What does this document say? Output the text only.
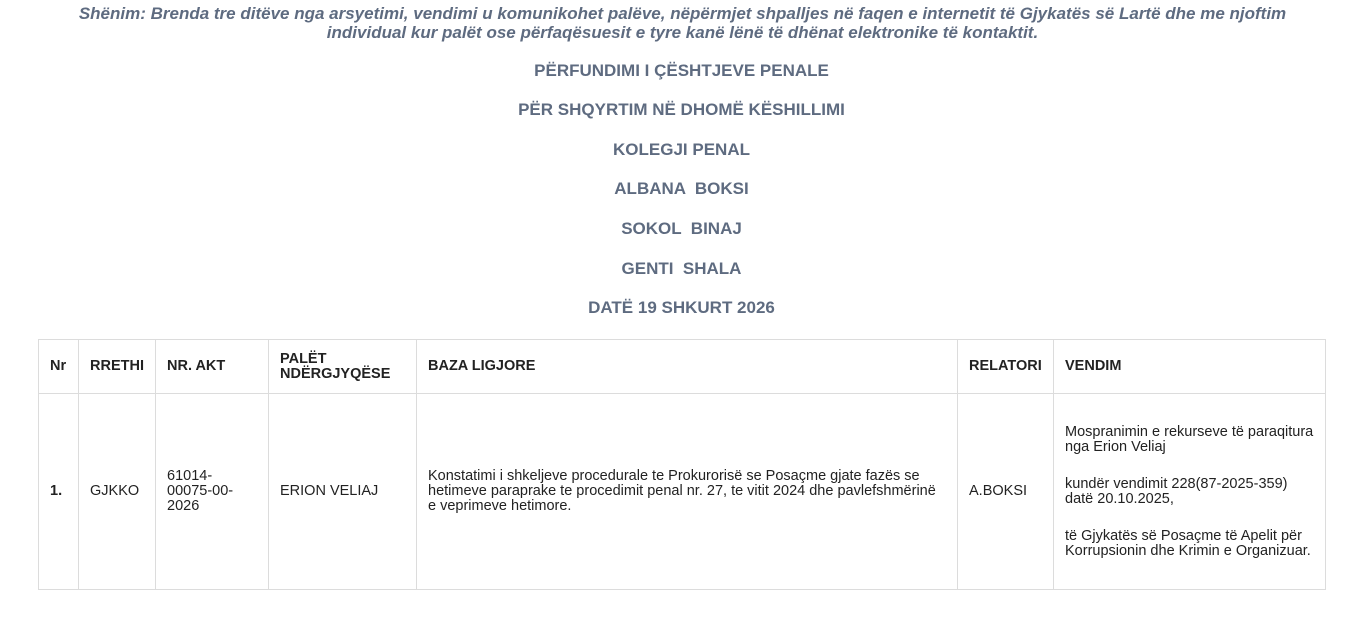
Shënim: Brenda tre ditëve nga arsyetimi, vendimi u komunikohet palëve, nëpërmjet shpalljes në faqen e internetit të Gjykatës së Lartë dhe me njoftim individual kur palët ose përfaqësuesit e tyre kanë lënë të dhënat elektronike të kontaktit.
PËRFUNDIMI I ÇËSHTJEVE PENALE
PËR SHQYRTIM NË DHOMË KËSHILLIMI
KOLEGJI PENAL
ALBANA  BOKSI
SOKOL  BINAJ
GENTI  SHALA
DATË 19 SHKURT 2026
Nr	RRETHI	NR. AKT	PALËT NDËRGJYQËSE	BAZA LIGJORE	RELATORI	VENDIM
1.	GJKKO	61014-00075-00-2026	ERION VELIAJ	Konstatimi i shkeljeve procedurale te Prokurorisë se Posaçme gjate fazës se hetimeve paraprake te procedimit penal nr. 27, te vitit 2024 dhe pavlefshmërinë e veprimeve hetimore.	A.BOKSI	Mospranimin e rekurseve të paraqitura nga Erion Veliaj

kundër vendimit 228(87-2025-359) datë 20.10.2025,

të Gjykatës së Posaçme të Apelit për Korrupsionin dhe Krimin e Organizuar.
